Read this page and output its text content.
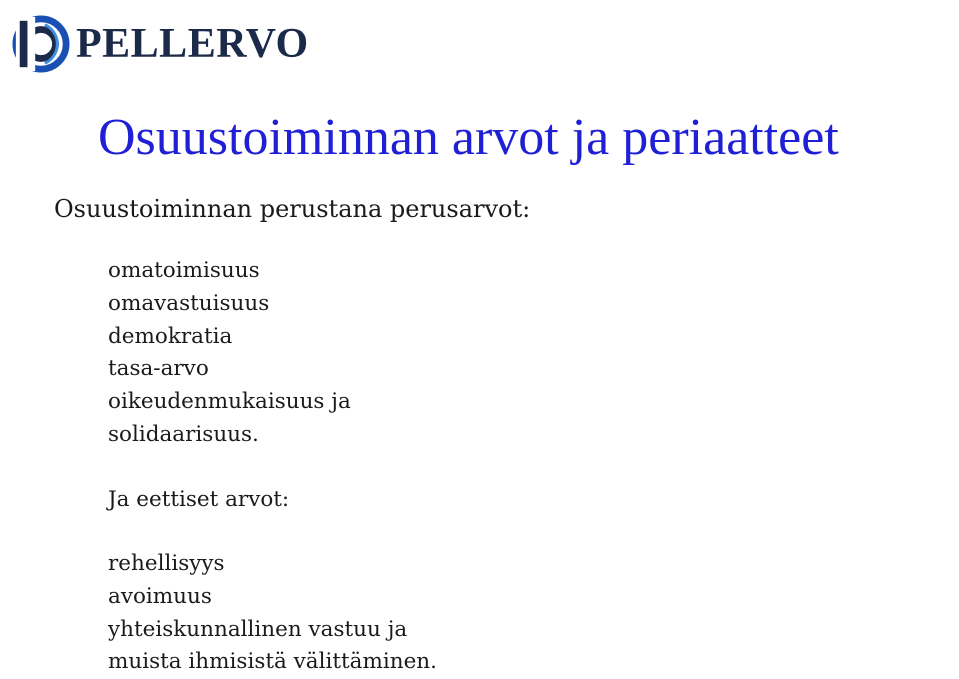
PELLERVO
Osuustoiminnan arvot ja periaatteet
Osuustoiminnan perustana perusarvot:
omatoimisuus
omavastuisuus
demokratia
tasa-arvo
oikeudenmukaisuus ja
solidaarisuus.
Ja eettiset arvot:
rehellisyys
avoimuus
yhteiskunnallinen vastuu ja
muista ihmisistä välittäminen.
